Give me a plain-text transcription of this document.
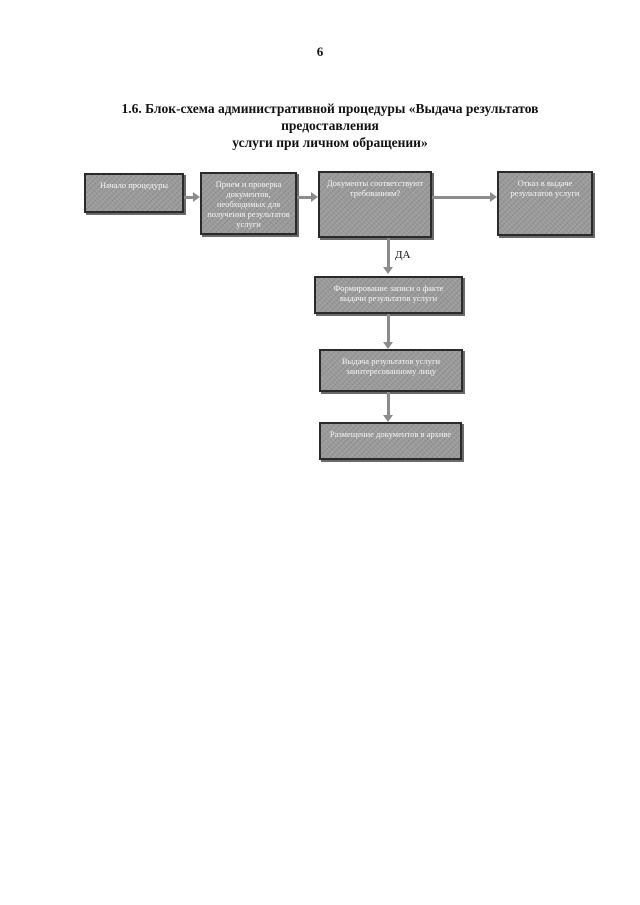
6
1.6. Блок-схема административной процедуры «Выдача результатов предоставления
услуги при личном обращении»
Начало процедуры	Прием и проверка документов, необходимых для получения результатов услуги
Документы соответствуют требованиям?
Отказ в выдаче результатов услуги
ДА
Формирование записи о факте выдачи результатов услуги
Выдача результатов услуги заинтересованному лицу
Размещение документов в архиве
